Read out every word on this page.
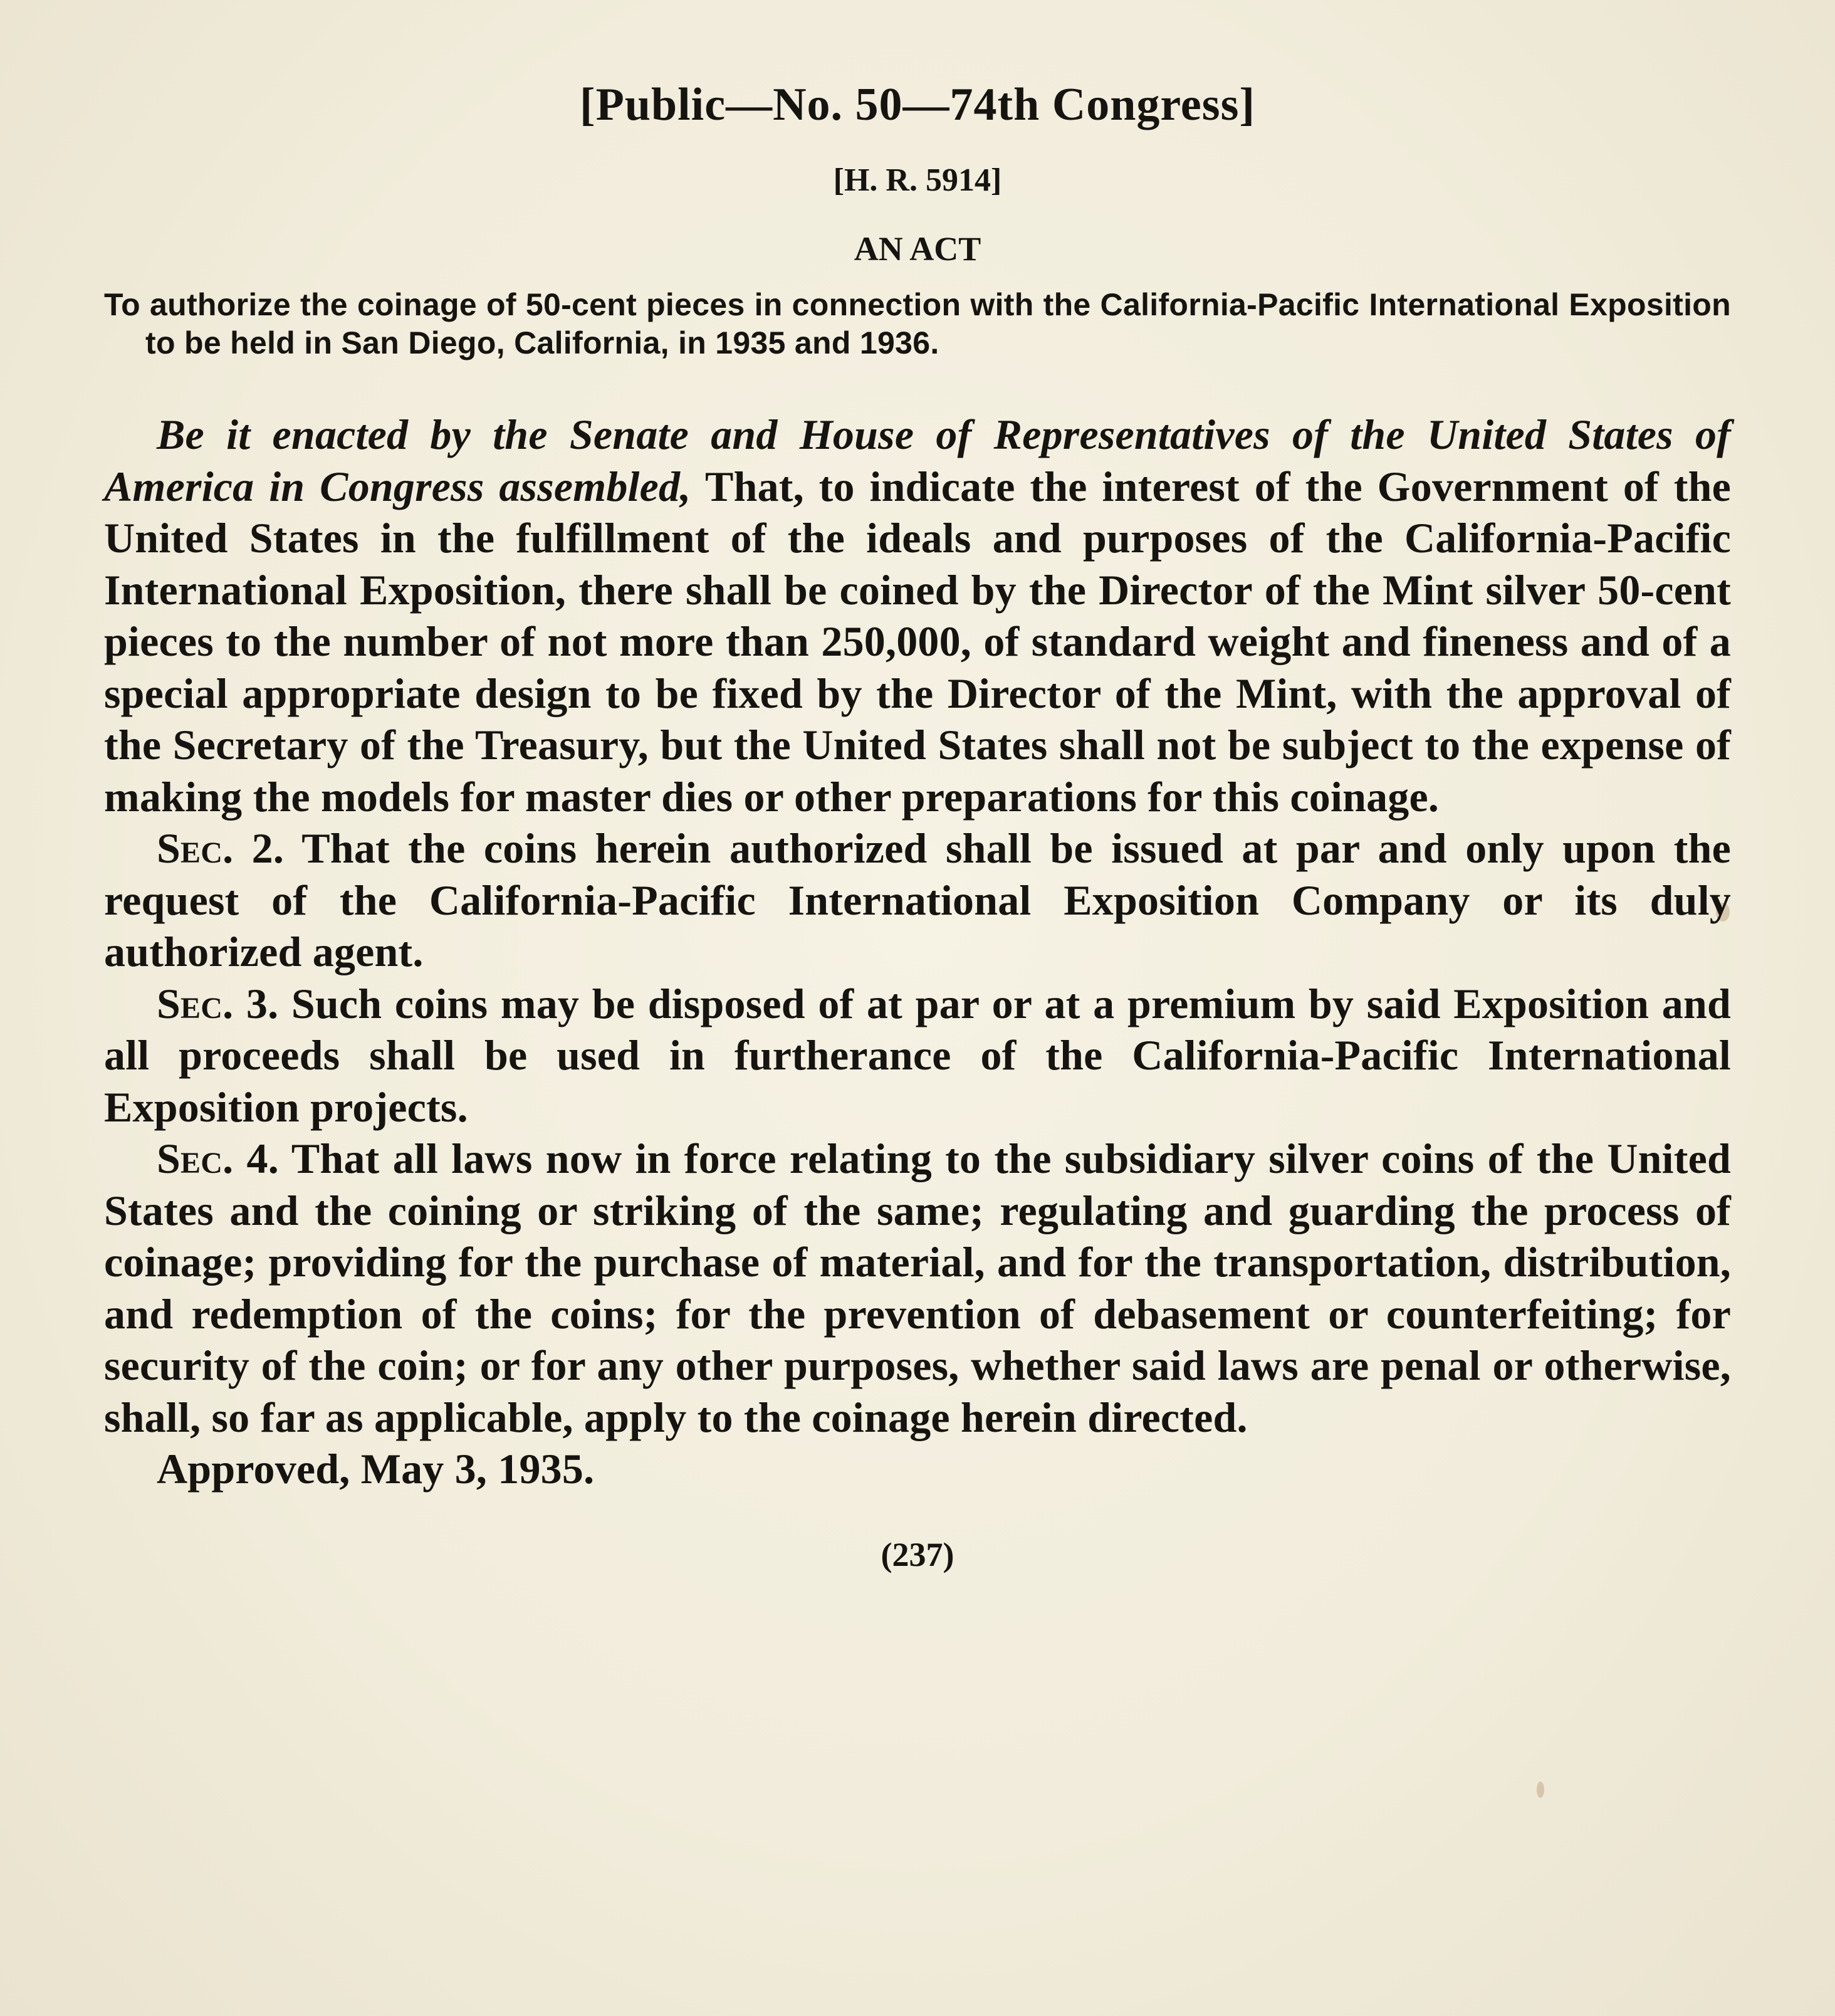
[Public—No. 50—74th Congress]
[H. R. 5914]
AN ACT
To authorize the coinage of 50-cent pieces in connection with the California-Pacific International Exposition to be held in San Diego, California, in 1935 and 1936.

Be it enacted by the Senate and House of Representatives of the United States of America in Congress assembled, That, to indicate the interest of the Government of the United States in the fulfillment of the ideals and purposes of the California-Pacific International Exposition, there shall be coined by the Director of the Mint silver 50-cent pieces to the number of not more than 250,000, of standard weight and fineness and of a special appropriate design to be fixed by the Director of the Mint, with the approval of the Secretary of the Treasury, but the United States shall not be subject to the expense of making the models for master dies or other preparations for this coinage.

Sec. 2. That the coins herein authorized shall be issued at par and only upon the request of the California-Pacific International Exposition Company or its duly authorized agent.

Sec. 3. Such coins may be disposed of at par or at a premium by said Exposition and all proceeds shall be used in furtherance of the California-Pacific International Exposition projects.

Sec. 4. That all laws now in force relating to the subsidiary silver coins of the United States and the coining or striking of the same; regulating and guarding the process of coinage; providing for the purchase of material, and for the transportation, distribution, and redemption of the coins; for the prevention of debasement or counterfeiting; for security of the coin; or for any other purposes, whether said laws are penal or otherwise, shall, so far as applicable, apply to the coinage herein directed.

Approved, May 3, 1935.

(237)
